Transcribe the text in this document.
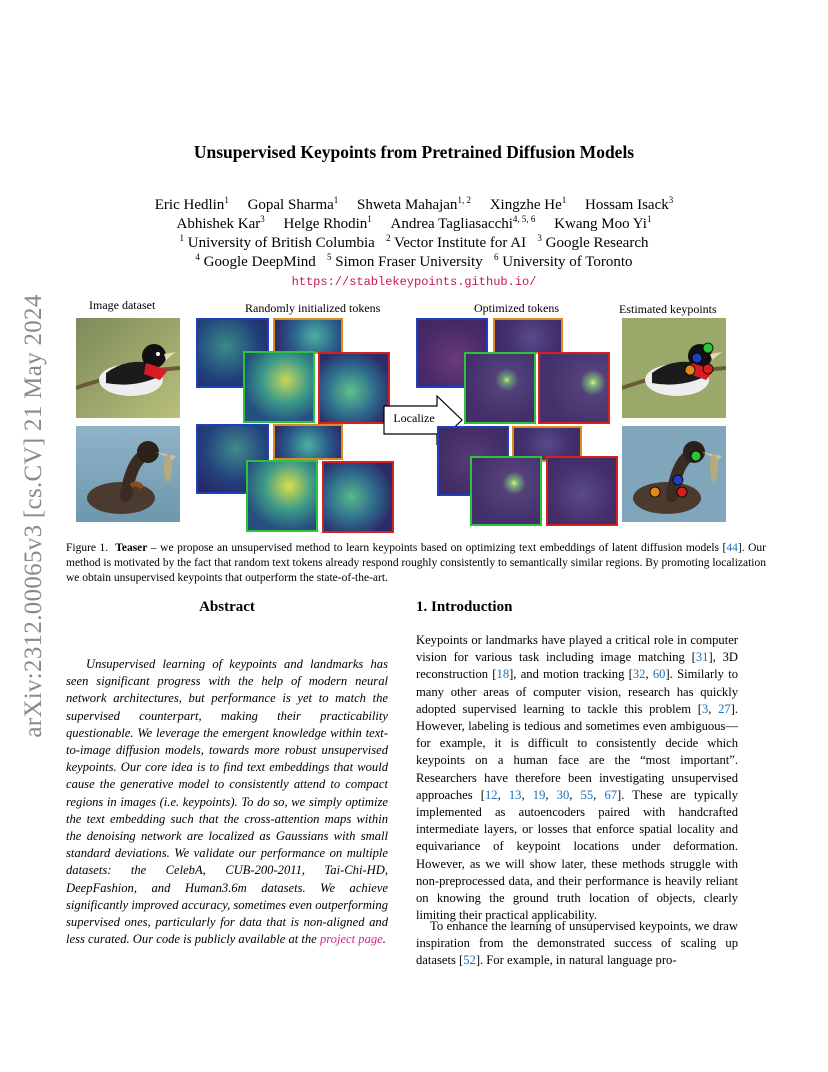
arXiv:2312.00065v3 [cs.CV] 21 May 2024
Unsupervised Keypoints from Pretrained Diffusion Models
Eric Hedlin$^1$ Gopal Sharma$^1$ Shweta Mahajan$^{1, 2}$ Xingzhe He$^1$ Hossam Isack$^3$
Abhishek Kar$^3$ Helge Rhodin$^1$ Andrea Tagliasacchi$^{4, 5, 6}$ Kwang Moo Yi$^1$
$^1$ University of British Columbia $^2$ Vector Institute for AI $^3$ Google Research
$^4$ Google DeepMind $^5$ Simon Fraser University $^6$ University of Toronto
https://stablekeypoints.github.io/
Image dataset	Randomly initialized tokens	Optimized tokens	Estimated keypoints
Localize
Figure 1. Teaser – we propose an unsupervised method to learn keypoints based on optimizing text embeddings of latent diffusion models [44]. Our method is motivated by the fact that random text tokens already respond roughly consistently to semantically similar regions. By promoting localization we obtain unsupervised keypoints that outperform the state-of-the-art.
Abstract
Unsupervised learning of keypoints and landmarks has seen significant progress with the help of modern neural network architectures, but performance is yet to match the supervised counterpart, making their practicability questionable. We leverage the emergent knowledge within text-to-image diffusion models, towards more robust unsupervised keypoints. Our core idea is to find text embeddings that would cause the generative model to consistently attend to compact regions in images (i.e. keypoints). To do so, we simply optimize the text embedding such that the cross-attention maps within the denoising network are localized as Gaussians with small standard deviations. We validate our performance on multiple datasets: the CelebA, CUB-200-2011, Tai-Chi-HD, DeepFashion, and Human3.6m datasets. We achieve significantly improved accuracy, sometimes even outperforming supervised ones, particularly for data that is non-aligned and less curated. Our code is publicly available at the project page.
1. Introduction
Keypoints or landmarks have played a critical role in computer vision for various task including image matching [31], 3D reconstruction [18], and motion tracking [32, 60]. Similarly to many other areas of computer vision, research has quickly adopted supervised learning to tackle this problem [3, 27]. However, labeling is tedious and sometimes even ambiguous—for example, it is difficult to consistently decide which keypoints on a human face are the “most important”. Researchers have therefore been investigating unsupervised approaches [12, 13, 19, 30, 55, 67]. These are typically implemented as autoencoders paired with handcrafted intermediate layers, or losses that enforce spatial locality and equivariance of keypoint locations under deformation. However, as we will show later, these methods struggle with non-preprocessed data, and their performance is heavily reliant on knowing the ground truth location of objects, clearly limiting their practical applicability.
To enhance the learning of unsupervised keypoints, we draw inspiration from the demonstrated success of scaling up datasets [52]. For example, in natural language pro-
